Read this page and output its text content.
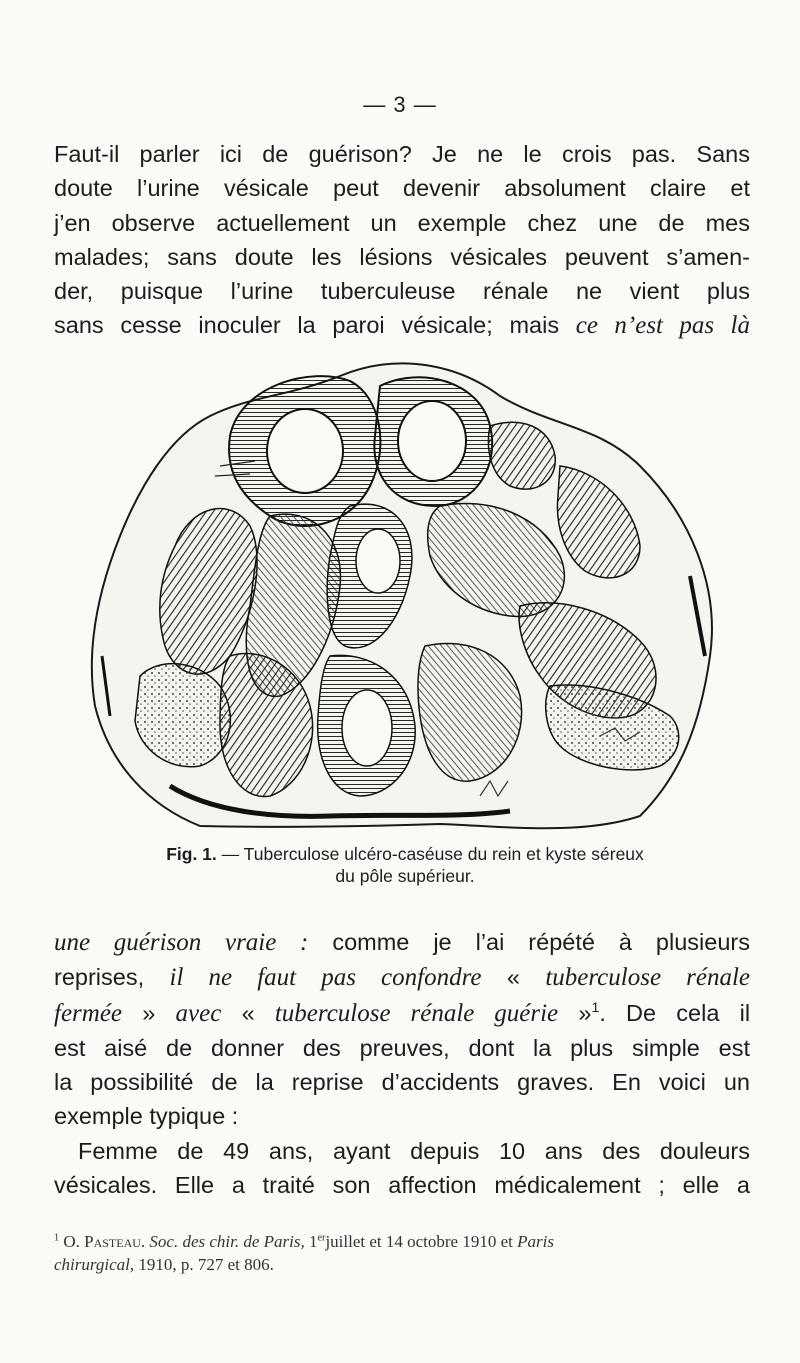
— 3 —

Faut-il parler ici de guérison? Je ne le crois pas. Sans
doute l’urine vésicale peut devenir absolument claire et
j’en observe actuellement un exemple chez une de mes
malades; sans doute les lésions vésicales peuvent s’amen-
der, puisque l’urine tuberculeuse rénale ne vient plus
sans cesse inoculer la paroi vésicale; mais ce n’est pas là

Fig. 1. — Tuberculose ulcéro-caséuse du rein et kyste séreux
du pôle supérieur.

une guérison vraie : comme je l’ai répété à plusieurs
reprises, il ne faut pas confondre « tuberculose rénale
fermée » avec « tuberculose rénale guérie »$^1$. De cela il
est aisé de donner des preuves, dont la plus simple est
la possibilité de la reprise d’accidents graves. En voici un
exemple typique :
Femme de 49 ans, ayant depuis 10 ans des douleurs
vésicales. Elle a traité son affection médicalement ; elle a

$^1$ O. Pasteau. Soc. des chir. de Paris, 1erjuillet et 14 octobre 1910 et Paris
chirurgical, 1910, p. 727 et 806.
